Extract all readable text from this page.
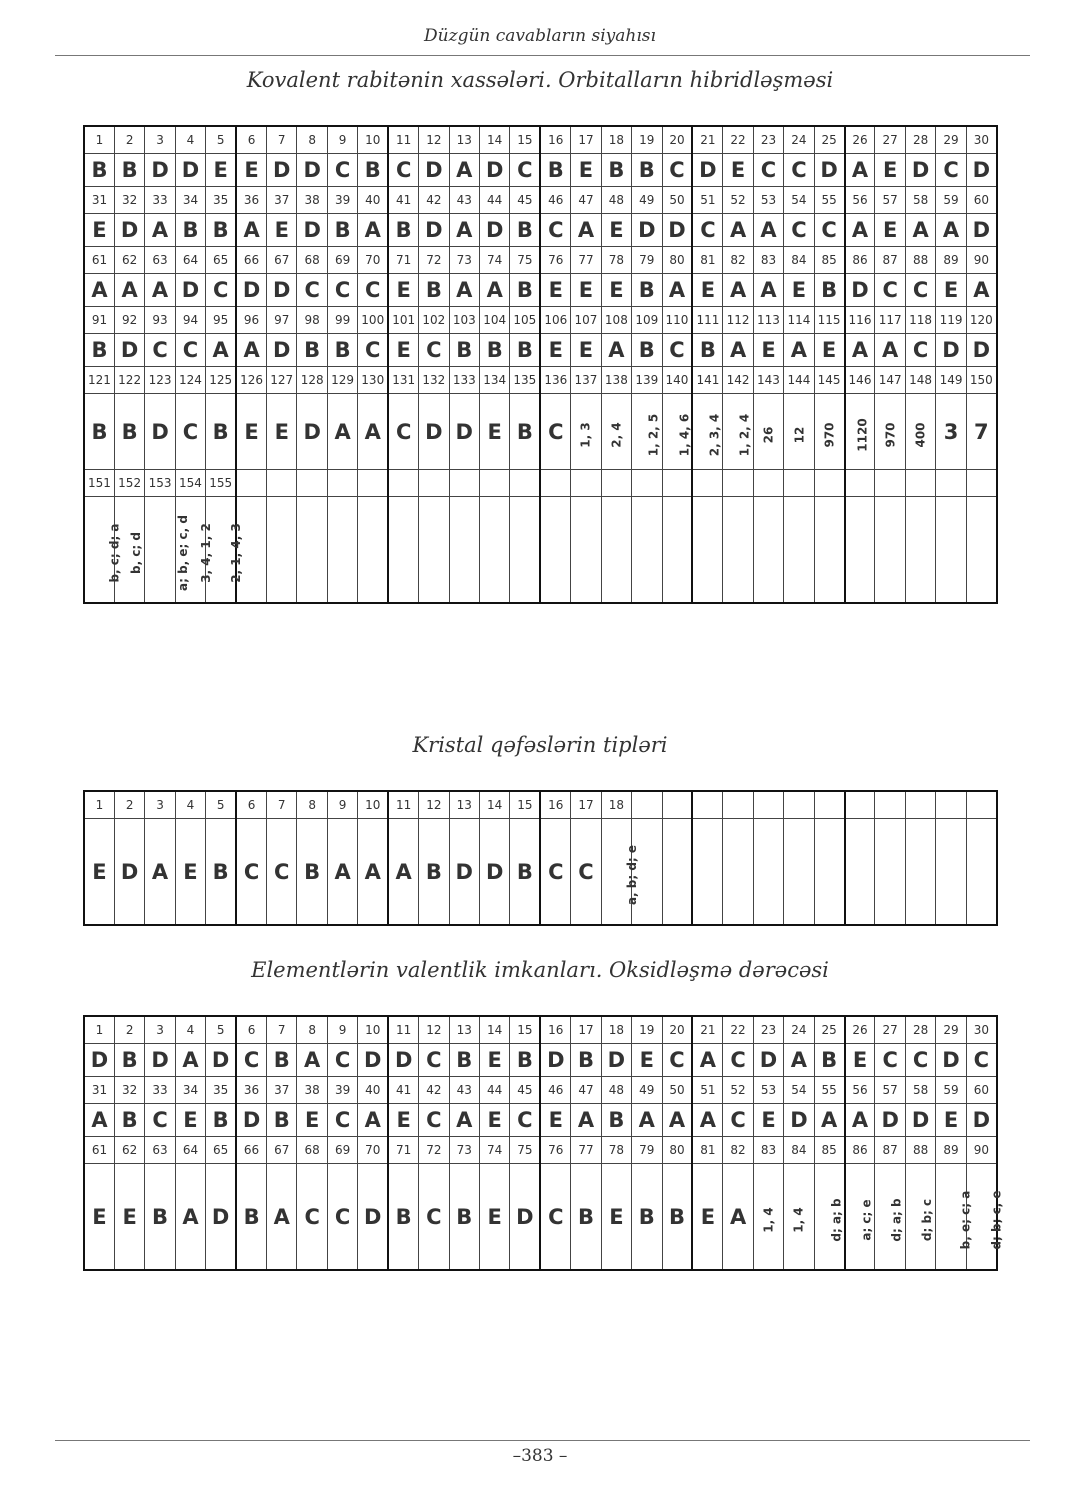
Düzgün cavabların siyahısı
Kovalent rabitənin xassələri. Orbitalların hibridləşməsi
1	2	3	4	5	6	7	8	9	10	11	12	13	14	15	16	17	18	19	20	21	22	23	24	25	26	27	28	29	30
B	B	D	D	E	E	D	D	C	B	C	D	A	D	C	B	E	B	B	C	D	E	C	C	D	A	E	D	C	D
31	32	33	34	35	36	37	38	39	40	41	42	43	44	45	46	47	48	49	50	51	52	53	54	55	56	57	58	59	60
E	D	A	B	B	A	E	D	B	A	B	D	A	D	B	C	A	E	D	D	C	A	A	C	C	A	E	A	A	D
61	62	63	64	65	66	67	68	69	70	71	72	73	74	75	76	77	78	79	80	81	82	83	84	85	86	87	88	89	90
A	A	A	D	C	D	D	C	C	C	E	B	A	A	B	E	E	E	B	A	E	A	A	E	B	D	C	C	E	A
91	92	93	94	95	96	97	98	99	100	101	102	103	104	105	106	107	108	109	110	111	112	113	114	115	116	117	118	119	120
B	D	C	C	A	A	D	B	B	C	E	C	B	B	B	E	E	A	B	C	B	A	E	A	E	A	A	C	D	D
121	122	123	124	125	126	127	128	129	130	131	132	133	134	135	136	137	138	139	140	141	142	143	144	145	146	147	148	149	150
B	B	D	C	B	E	E	D	A	A	C	D	D	E	B	C	1, 3	2, 4	1, 2, 5	1, 4, 6	2, 3, 4	1, 2, 4	26	12	970	1120	970	400	3	7
151	152	153	154	155																									
b, c; d; a	b, c; d	a; b, e; c, d	3, 4, 1, 2	2, 1, 4, 3																									
Kristal qəfəslərin tipləri
1	2	3	4	5	6	7	8	9	10	11	12	13	14	15	16	17	18												
E	D	A	E	B	C	C	B	A	A	A	B	D	D	B	C	C	a, b; d; e												
Elementlərin valentlik imkanları. Oksidləşmə dərəcəsi
1	2	3	4	5	6	7	8	9	10	11	12	13	14	15	16	17	18	19	20	21	22	23	24	25	26	27	28	29	30
D	B	D	A	D	C	B	A	C	D	D	C	B	E	B	D	B	D	E	C	A	C	D	A	B	E	C	C	D	C
31	32	33	34	35	36	37	38	39	40	41	42	43	44	45	46	47	48	49	50	51	52	53	54	55	56	57	58	59	60
A	B	C	E	B	D	B	E	C	A	E	C	A	E	C	E	A	B	A	A	A	C	E	D	A	A	D	D	E	D
61	62	63	64	65	66	67	68	69	70	71	72	73	74	75	76	77	78	79	80	81	82	83	84	85	86	87	88	89	90
E	E	B	A	D	B	A	C	C	D	B	C	B	E	D	C	B	E	B	B	E	A	1, 4	1, 4	d; a; b	a; c; e	d; a; b	d; b; c	b, e; c; a	d; b; c, e
–383 –
